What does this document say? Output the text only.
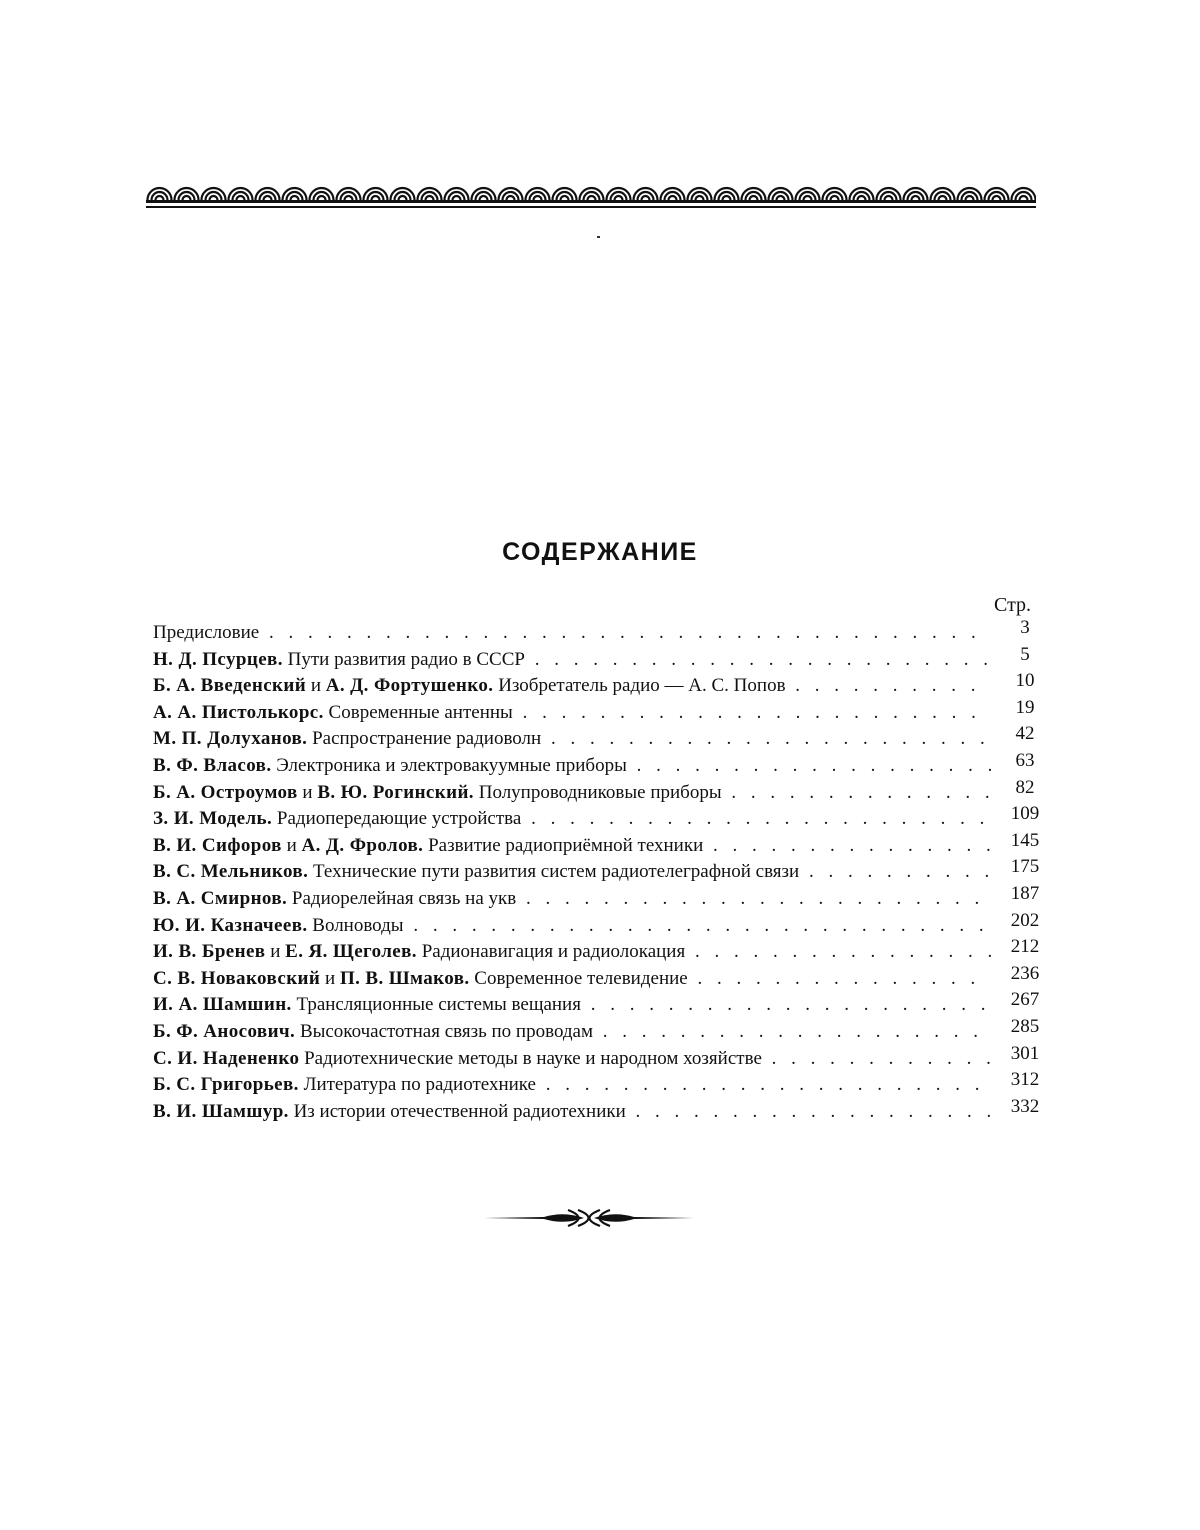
СОДЕРЖАНИЕ
Стр.
Предисловие . . .	3
Н. Д. Псурцев. Пути развития радио в СССР . . .	5
Б. А. Введенский и А. Д. Фортушенко. Изобретатель радио — А. С. Попов . . .	10
А. А. Пистолькорс. Современные антенны . . .	19
М. П. Долуханов. Распространение радиоволн . . .	42
В. Ф. Власов. Электроника и электровакуумные приборы . . .	63
Б. А. Остроумов и В. Ю. Рогинский. Полупроводниковые приборы . . .	82
З. И. Модель. Радиопередающие устройства . . .	109
В. И. Сифоров и А. Д. Фролов. Развитие радиоприёмной техники . . .	145
В. С. Мельников. Технические пути развития систем радиотелеграфной связи . . .	175
В. А. Смирнов. Радиорелейная связь на укв . . .	187
Ю. И. Казначеев. Волноводы . . .	202
И. В. Бренев и Е. Я. Щеголев. Радионавигация и радиолокация . . .	212
С. В. Новаковский и П. В. Шмаков. Современное телевидение . . .	236
И. А. Шамшин. Трансляционные системы вещания . . .	267
Б. Ф. Аносович. Высокочастотная связь по проводам . . .	285
С. И. Надененко Радиотехнические методы в науке и народном хозяйстве . . .	301
Б. С. Григорьев. Литература по радиотехнике . . .	312
В. И. Шамшур. Из истории отечественной радиотехники . . .	332
